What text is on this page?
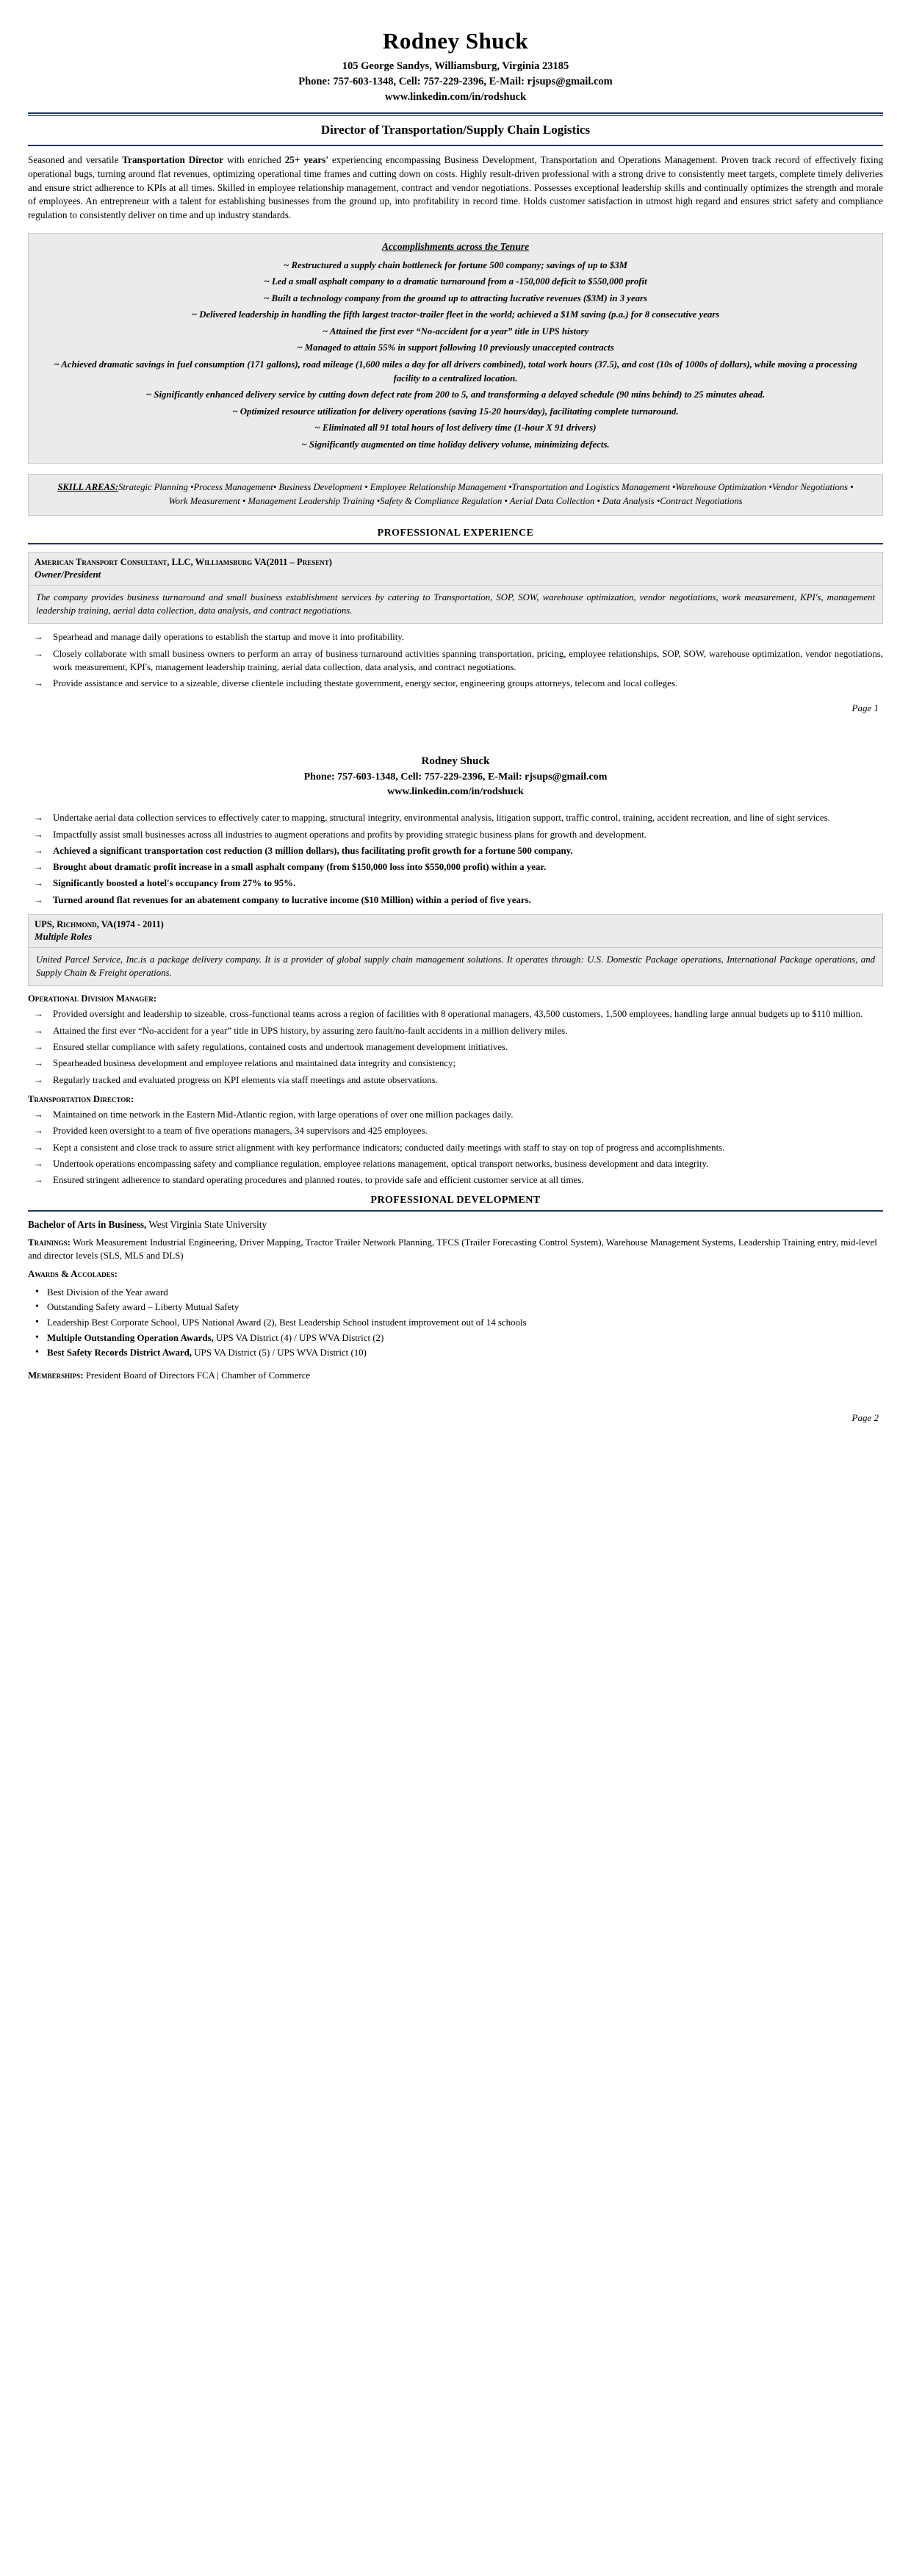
Rodney Shuck
105 George Sandys, Williamsburg, Virginia 23185
Phone: 757-603-1348, Cell: 757-229-2396, E-Mail: rjsups@gmail.com
www.linkedin.com/in/rodshuck
Director of Transportation/Supply Chain Logistics

Seasoned and versatile Transportation Director with enriched 25+ years' experiencing encompassing Business Development, Transportation and Operations Management. Proven track record of effectively fixing operational bugs, turning around flat revenues, optimizing operational time frames and cutting down on costs. Highly result-driven professional with a strong drive to consistently meet targets, complete timely deliveries and ensure strict adherence to KPIs at all times. Skilled in employee relationship management, contract and vendor negotiations. Possesses exceptional leadership skills and continually optimizes the strength and morale of employees. An entrepreneur with a talent for establishing businesses from the ground up, into profitability in record time. Holds customer satisfaction in utmost high regard and ensures strict safety and compliance regulation to consistently deliver on time and up industry standards.

Accomplishments across the Tenure
~ Restructured a supply chain bottleneck for fortune 500 company; savings of up to $3M
~ Led a small asphalt company to a dramatic turnaround from a -150,000 deficit to $550,000 profit
~ Built a technology company from the ground up to attracting lucrative revenues ($3M) in 3 years
~ Delivered leadership in handling the fifth largest tractor-trailer fleet in the world; achieved a $1M saving (p.a.) for 8 consecutive years
~ Attained the first ever “No-accident for a year” title in UPS history
~ Managed to attain 55% in support following 10 previously unaccepted contracts
~ Achieved dramatic savings in fuel consumption (171 gallons), road mileage (1,600 miles a day for all drivers combined), total work hours (37.5), and cost (10s of 1000s of dollars), while moving a processing facility to a centralized location.
~ Significantly enhanced delivery service by cutting down defect rate from 200 to 5, and transforming a delayed schedule (90 mins behind) to 25 minutes ahead.
~ Optimized resource utilization for delivery operations (saving 15-20 hours/day), facilitating complete turnaround.
~ Eliminated all 91 total hours of lost delivery time (1-hour X 91 drivers)
~ Significantly augmented on time holiday delivery volume, minimizing defects.
SKILL AREAS:Strategic Planning •Process Management• Business Development • Employee Relationship Management •Transportation and Logistics Management •Warehouse Optimization •Vendor Negotiations • Work Measurement • Management Leadership Training •Safety & Compliance Regulation • Aerial Data Collection • Data Analysis •Contract Negotiations
PROFESSIONAL EXPERIENCE
American Transport Consultant, LLC, Williamsburg VA(2011 – Present)
Owner/President
The company provides business turnaround and small business establishment services by catering to Transportation, SOP, SOW, warehouse optimization, vendor negotiations, work measurement, KPI's, management leadership training, aerial data collection, data analysis, and contract negotiations.
→ Spearhead and manage daily operations to establish the startup and move it into profitability.
→ Closely collaborate with small business owners to perform an array of business turnaround activities spanning transportation, pricing, employee relationships, SOP, SOW, warehouse optimization, vendor negotiations, work measurement, KPI's, management leadership training, aerial data collection, data analysis, and contract negotiations.
→ Provide assistance and service to a sizeable, diverse clientele including thestate government, energy sector, engineering groups attorneys, telecom and local colleges.
Page 1
Rodney Shuck
Phone: 757-603-1348, Cell: 757-229-2396, E-Mail: rjsups@gmail.com
www.linkedin.com/in/rodshuck
→ Undertake aerial data collection services to effectively cater to mapping, structural integrity, environmental analysis, litigation support, traffic control, training, accident recreation, and line of sight services.
→ Impactfully assist small businesses across all industries to augment operations and profits by providing strategic business plans for growth and development.
→ Achieved a significant transportation cost reduction (3 million dollars), thus facilitating profit growth for a fortune 500 company.
→ Brought about dramatic profit increase in a small asphalt company (from $150,000 loss into $550,000 profit) within a year.
→ Significantly boosted a hotel's occupancy from 27% to 95%.
→ Turned around flat revenues for an abatement company to lucrative income ($10 Million) within a period of five years.
UPS, Richmond, VA(1974 - 2011)
Multiple Roles
United Parcel Service, Inc.is a package delivery company. It is a provider of global supply chain management solutions. It operates through: U.S. Domestic Package operations, International Package operations, and Supply Chain & Freight operations.
Operational Division Manager:
→ Provided oversight and leadership to sizeable, cross-functional teams across a region of facilities with 8 operational managers, 43,500 customers, 1,500 employees, handling large annual budgets up to $110 million.
→ Attained the first ever “No-accident for a year” title in UPS history, by assuring zero fault/no-fault accidents in a million delivery miles.
→ Ensured stellar compliance with safety regulations, contained costs and undertook management development initiatives.
→ Spearheaded business development and employee relations and maintained data integrity and consistency;
→ Regularly tracked and evaluated progress on KPI elements via staff meetings and astute observations.
Transportation Director:
→ Maintained on time network in the Eastern Mid-Atlantic region, with large operations of over one million packages daily.
→ Provided keen oversight to a team of five operations managers, 34 supervisors and 425 employees.
→ Kept a consistent and close track to assure strict alignment with key performance indicators; conducted daily meetings with staff to stay on top of progress and accomplishments.
→ Undertook operations encompassing safety and compliance regulation, employee relations management, optical transport networks, business development and data integrity.
→ Ensured stringent adherence to standard operating procedures and planned routes, to provide safe and efficient customer service at all times.
PROFESSIONAL DEVELOPMENT
Bachelor of Arts in Business, West Virginia State University
Trainings: Work Measurement Industrial Engineering, Driver Mapping, Tractor Trailer Network Planning, TFCS (Trailer Forecasting Control System), Warehouse Management Systems, Leadership Training entry, mid-level and director levels (SLS, MLS and DLS)
Awards & Accolades:
• Best Division of the Year award
• Outstanding Safety award – Liberty Mutual Safety
• Leadership Best Corporate School, UPS National Award (2), Best Leadership School instudent improvement out of 14 schools
• Multiple Outstanding Operation Awards, UPS VA District (4) / UPS WVA District (2)
• Best Safety Records District Award, UPS VA District (5) / UPS WVA District (10)
Memberships: President Board of Directors FCA | Chamber of Commerce
Page 2
